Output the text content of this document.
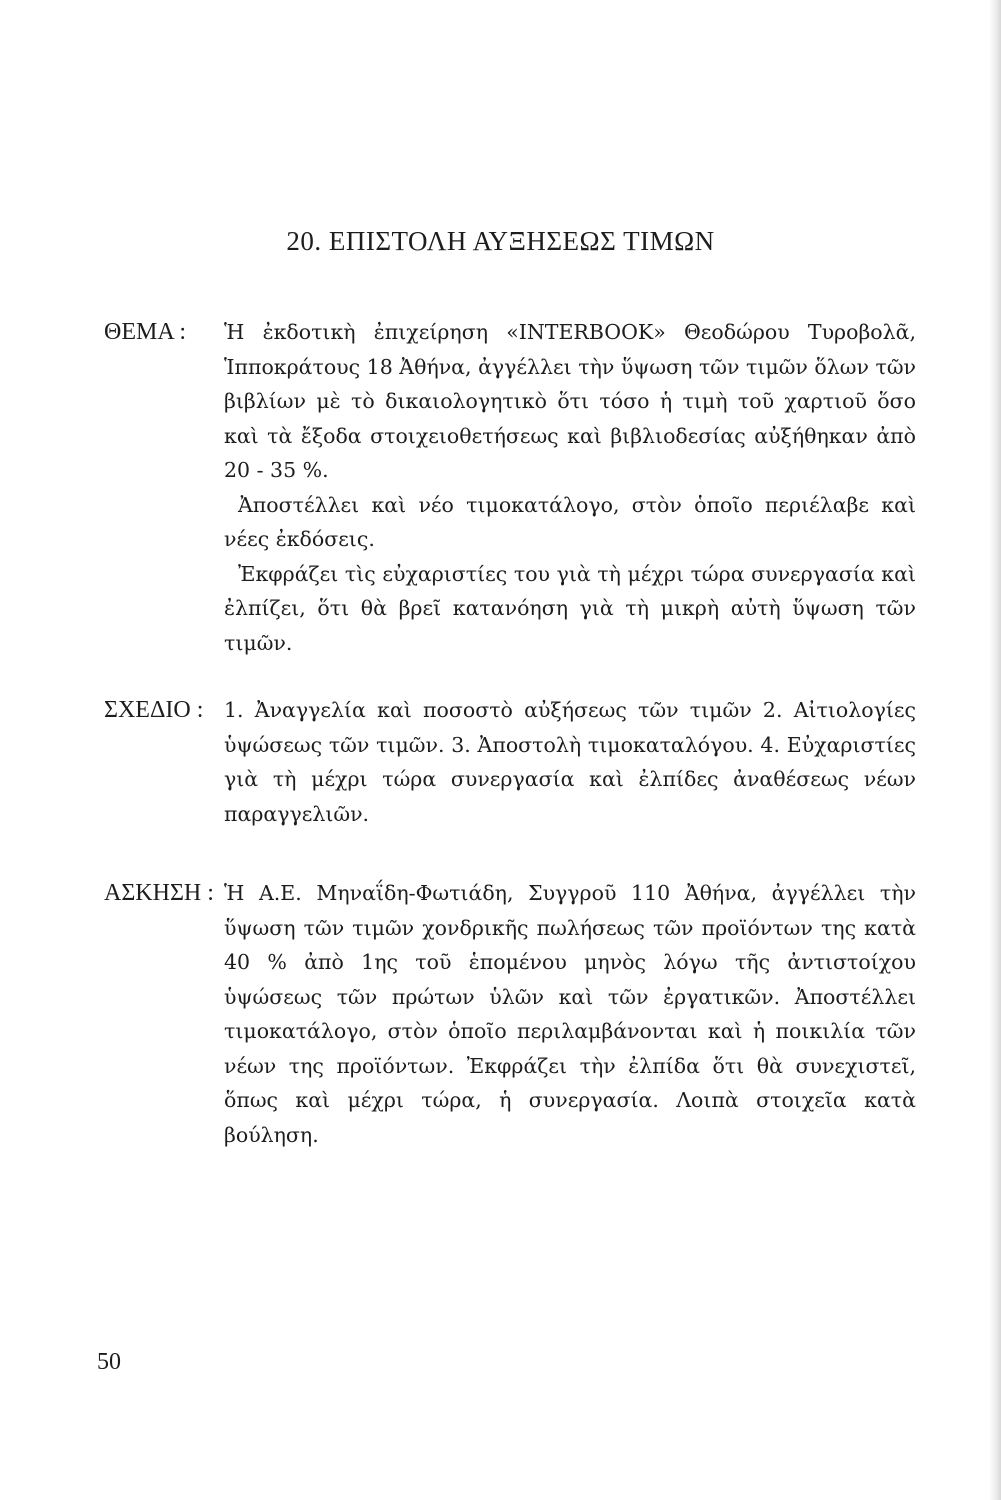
20. ΕΠΙΣΤΟΛΗ ΑΥΞΗΣΕΩΣ ΤΙΜΩΝ
ΘΕΜΑ : Ἡ ἐκδοτικὴ ἐπιχείρηση «INTERBOOK» Θεοδώρου Τυροβολᾶ, Ἱπποκράτους 18 Ἀθήνα, ἀγγέλλει τὴν ὕψωση τῶν τιμῶν ὅλων τῶν βιβλίων μὲ τὸ δικαιολογητικὸ ὅτι τόσο ἡ τιμὴ τοῦ χαρτιοῦ ὅσο καὶ τὰ ἔξοδα στοιχειοθετήσεως καὶ βιβλιοδεσίας αὐξήθηκαν ἀπὸ 20 - 35 %.

Ἀποστέλλει καὶ νέο τιμοκατάλογο, στὸν ὁποῖο περιέλαβε καὶ νέες ἐκδόσεις.

Ἐκφράζει τὶς εὐχαριστίες του γιὰ τὴ μέχρι τώρα συνεργασία καὶ ἐλπίζει, ὅτι θὰ βρεῖ κατανόηση γιὰ τὴ μικρὴ αὐτὴ ὕψωση τῶν τιμῶν.

ΣΧΕΔΙΟ : 1. Ἀναγγελία καὶ ποσοστὸ αὐξήσεως τῶν τιμῶν 2. Αἰτιολογίες ὑψώσεως τῶν τιμῶν. 3. Ἀποστολὴ τιμοκαταλόγου. 4. Εὐχαριστίες γιὰ τὴ μέχρι τώρα συνεργασία καὶ ἐλπίδες ἀναθέσεως νέων παραγγελιῶν.

ΑΣΚΗΣΗ : Ἡ Α.Ε. Μηναΐδη-Φωτιάδη, Συγγροῦ 110 Ἀθήνα, ἀγγέλλει τὴν ὕψωση τῶν τιμῶν χονδρικῆς πωλήσεως τῶν προϊόντων της κατὰ 40 % ἀπὸ 1ης τοῦ ἑπομένου μηνὸς λόγω τῆς ἀντιστοίχου ὑψώσεως τῶν πρώτων ὑλῶν καὶ τῶν ἐργατικῶν. Ἀποστέλλει τιμοκατάλογο, στὸν ὁποῖο περιλαμβάνονται καὶ ἡ ποικιλία τῶν νέων της προϊόντων. Ἐκφράζει τὴν ἐλπίδα ὅτι θὰ συνεχιστεῖ, ὅπως καὶ μέχρι τώρα, ἡ συνεργασία. Λοιπὰ στοιχεῖα κατὰ βούληση.

50
